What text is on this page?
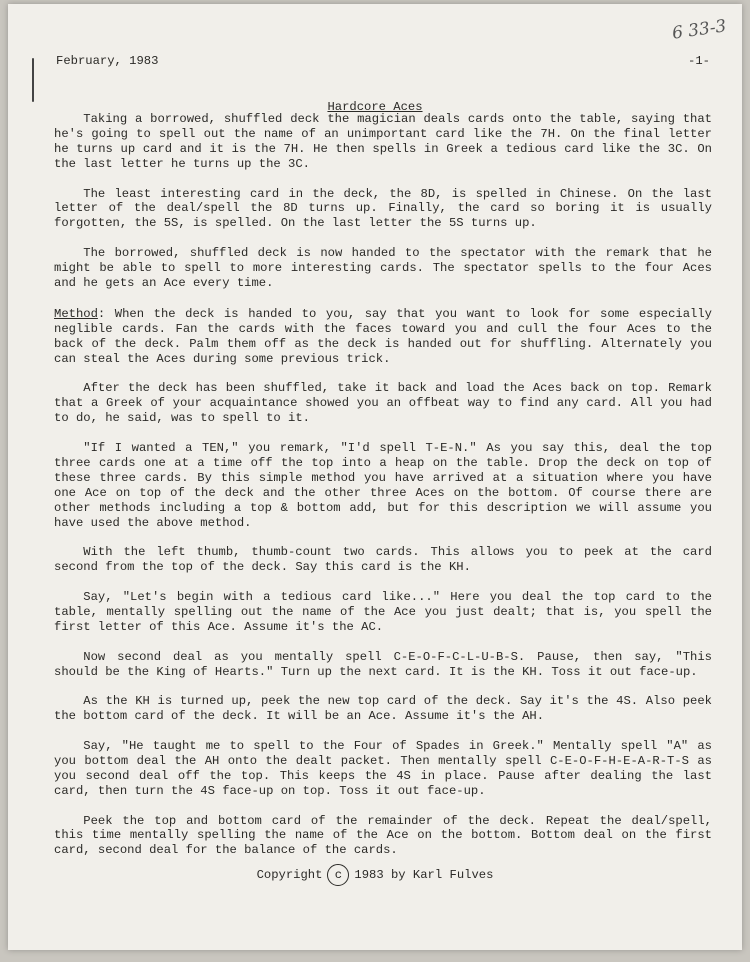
6 33-3
February, 1983	-1-
Hardcore Aces

Taking a borrowed, shuffled deck the magician deals cards onto the table, saying that he's going to spell out the name of an unimportant card like the 7H. On the final letter he turns up card and it is the 7H. He then spells in Greek a tedious card like the 3C. On the last letter he turns up the 3C.

The least interesting card in the deck, the 8D, is spelled in Chinese. On the last letter of the deal/spell the 8D turns up. Finally, the card so boring it is usually forgotten, the 5S, is spelled. On the last letter the 5S turns up.

The borrowed, shuffled deck is now handed to the spectator with the remark that he might be able to spell to more interesting cards. The spectator spells to the four Aces and he gets an Ace every time.

Method: When the deck is handed to you, say that you want to look for some especially neglible cards. Fan the cards with the faces toward you and cull the four Aces to the back of the deck. Palm them off as the deck is handed out for shuffling. Alternately you can steal the Aces during some previous trick.

After the deck has been shuffled, take it back and load the Aces back on top. Remark that a Greek of your acquaintance showed you an offbeat way to find any card. All you had to do, he said, was to spell to it.

"If I wanted a TEN," you remark, "I'd spell T-E-N." As you say this, deal the top three cards one at a time off the top into a heap on the table. Drop the deck on top of these three cards. By this simple method you have arrived at a situation where you have one Ace on top of the deck and the other three Aces on the bottom. Of course there are other methods including a top & bottom add, but for this description we will assume you have used the above method.

With the left thumb, thumb-count two cards. This allows you to peek at the card second from the top of the deck. Say this card is the KH.

Say, "Let's begin with a tedious card like..." Here you deal the top card to the table, mentally spelling out the name of the Ace you just dealt; that is, you spell the first letter of this Ace. Assume it's the AC.

Now second deal as you mentally spell C-E-O-F-C-L-U-B-S. Pause, then say, "This should be the King of Hearts." Turn up the next card. It is the KH. Toss it out face-up.

As the KH is turned up, peek the new top card of the deck. Say it's the 4S. Also peek the bottom card of the deck. It will be an Ace. Assume it's the AH.

Say, "He taught me to spell to the Four of Spades in Greek." Mentally spell "A" as you bottom deal the AH onto the dealt packet. Then mentally spell C-E-O-F-H-E-A-R-T-S as you second deal off the top. This keeps the 4S in place. Pause after dealing the last card, then turn the 4S face-up on top. Toss it out face-up.

Peek the top and bottom card of the remainder of the deck. Repeat the deal/spell, this time mentally spelling the name of the Ace on the bottom. Bottom deal on the first card, second deal for the balance of the cards.

Copyright c 1983 by Karl Fulves
